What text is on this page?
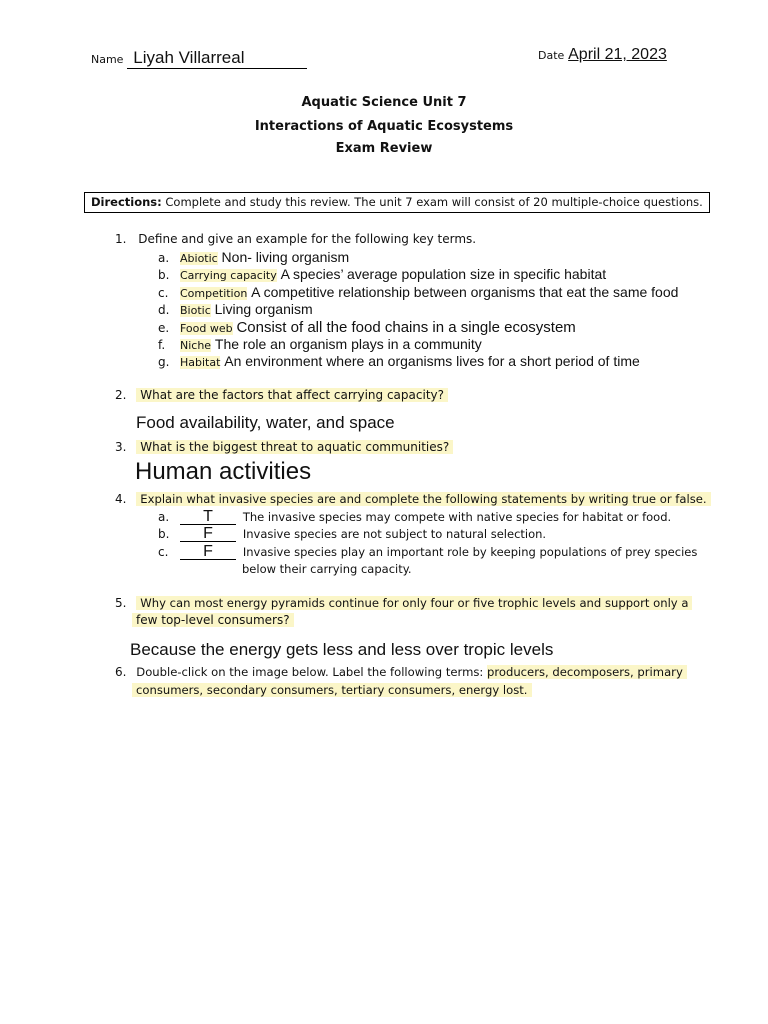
Name Liyah Villarreal	Date April 21, 2023
Aquatic Science Unit 7
Interactions of Aquatic Ecosystems
Exam Review
Directions: Complete and study this review. The unit 7 exam will consist of 20 multiple-choice questions.
1. Define and give an example for the following key terms.
a. Abiotic Non- living organism
b. Carrying capacity A species’ average population size in specific habitat
c. Competition A competitive relationship between organisms that eat the same food
d. Biotic Living organism
e. Food web Consist of all the food chains in a single ecosystem
f. Niche The role an organism plays in a community
g. Habitat An environment where an organisms lives for a short period of time
2. What are the factors that affect carrying capacity?
Food availability, water, and space
3. What is the biggest threat to aquatic communities?
Human activities
4. Explain what invasive species are and complete the following statements by writing true or false.
a. T	The invasive species may compete with native species for habitat or food.
b. F	Invasive species are not subject to natural selection.
c. F	Invasive species play an important role by keeping populations of prey species
below their carrying capacity.
5. Why can most energy pyramids continue for only four or five trophic levels and support only a
few top-level consumers?
Because the energy gets less and less over tropic levels
6. Double-click on the image below. Label the following terms: producers, decomposers, primary
consumers, secondary consumers, tertiary consumers, energy lost.
